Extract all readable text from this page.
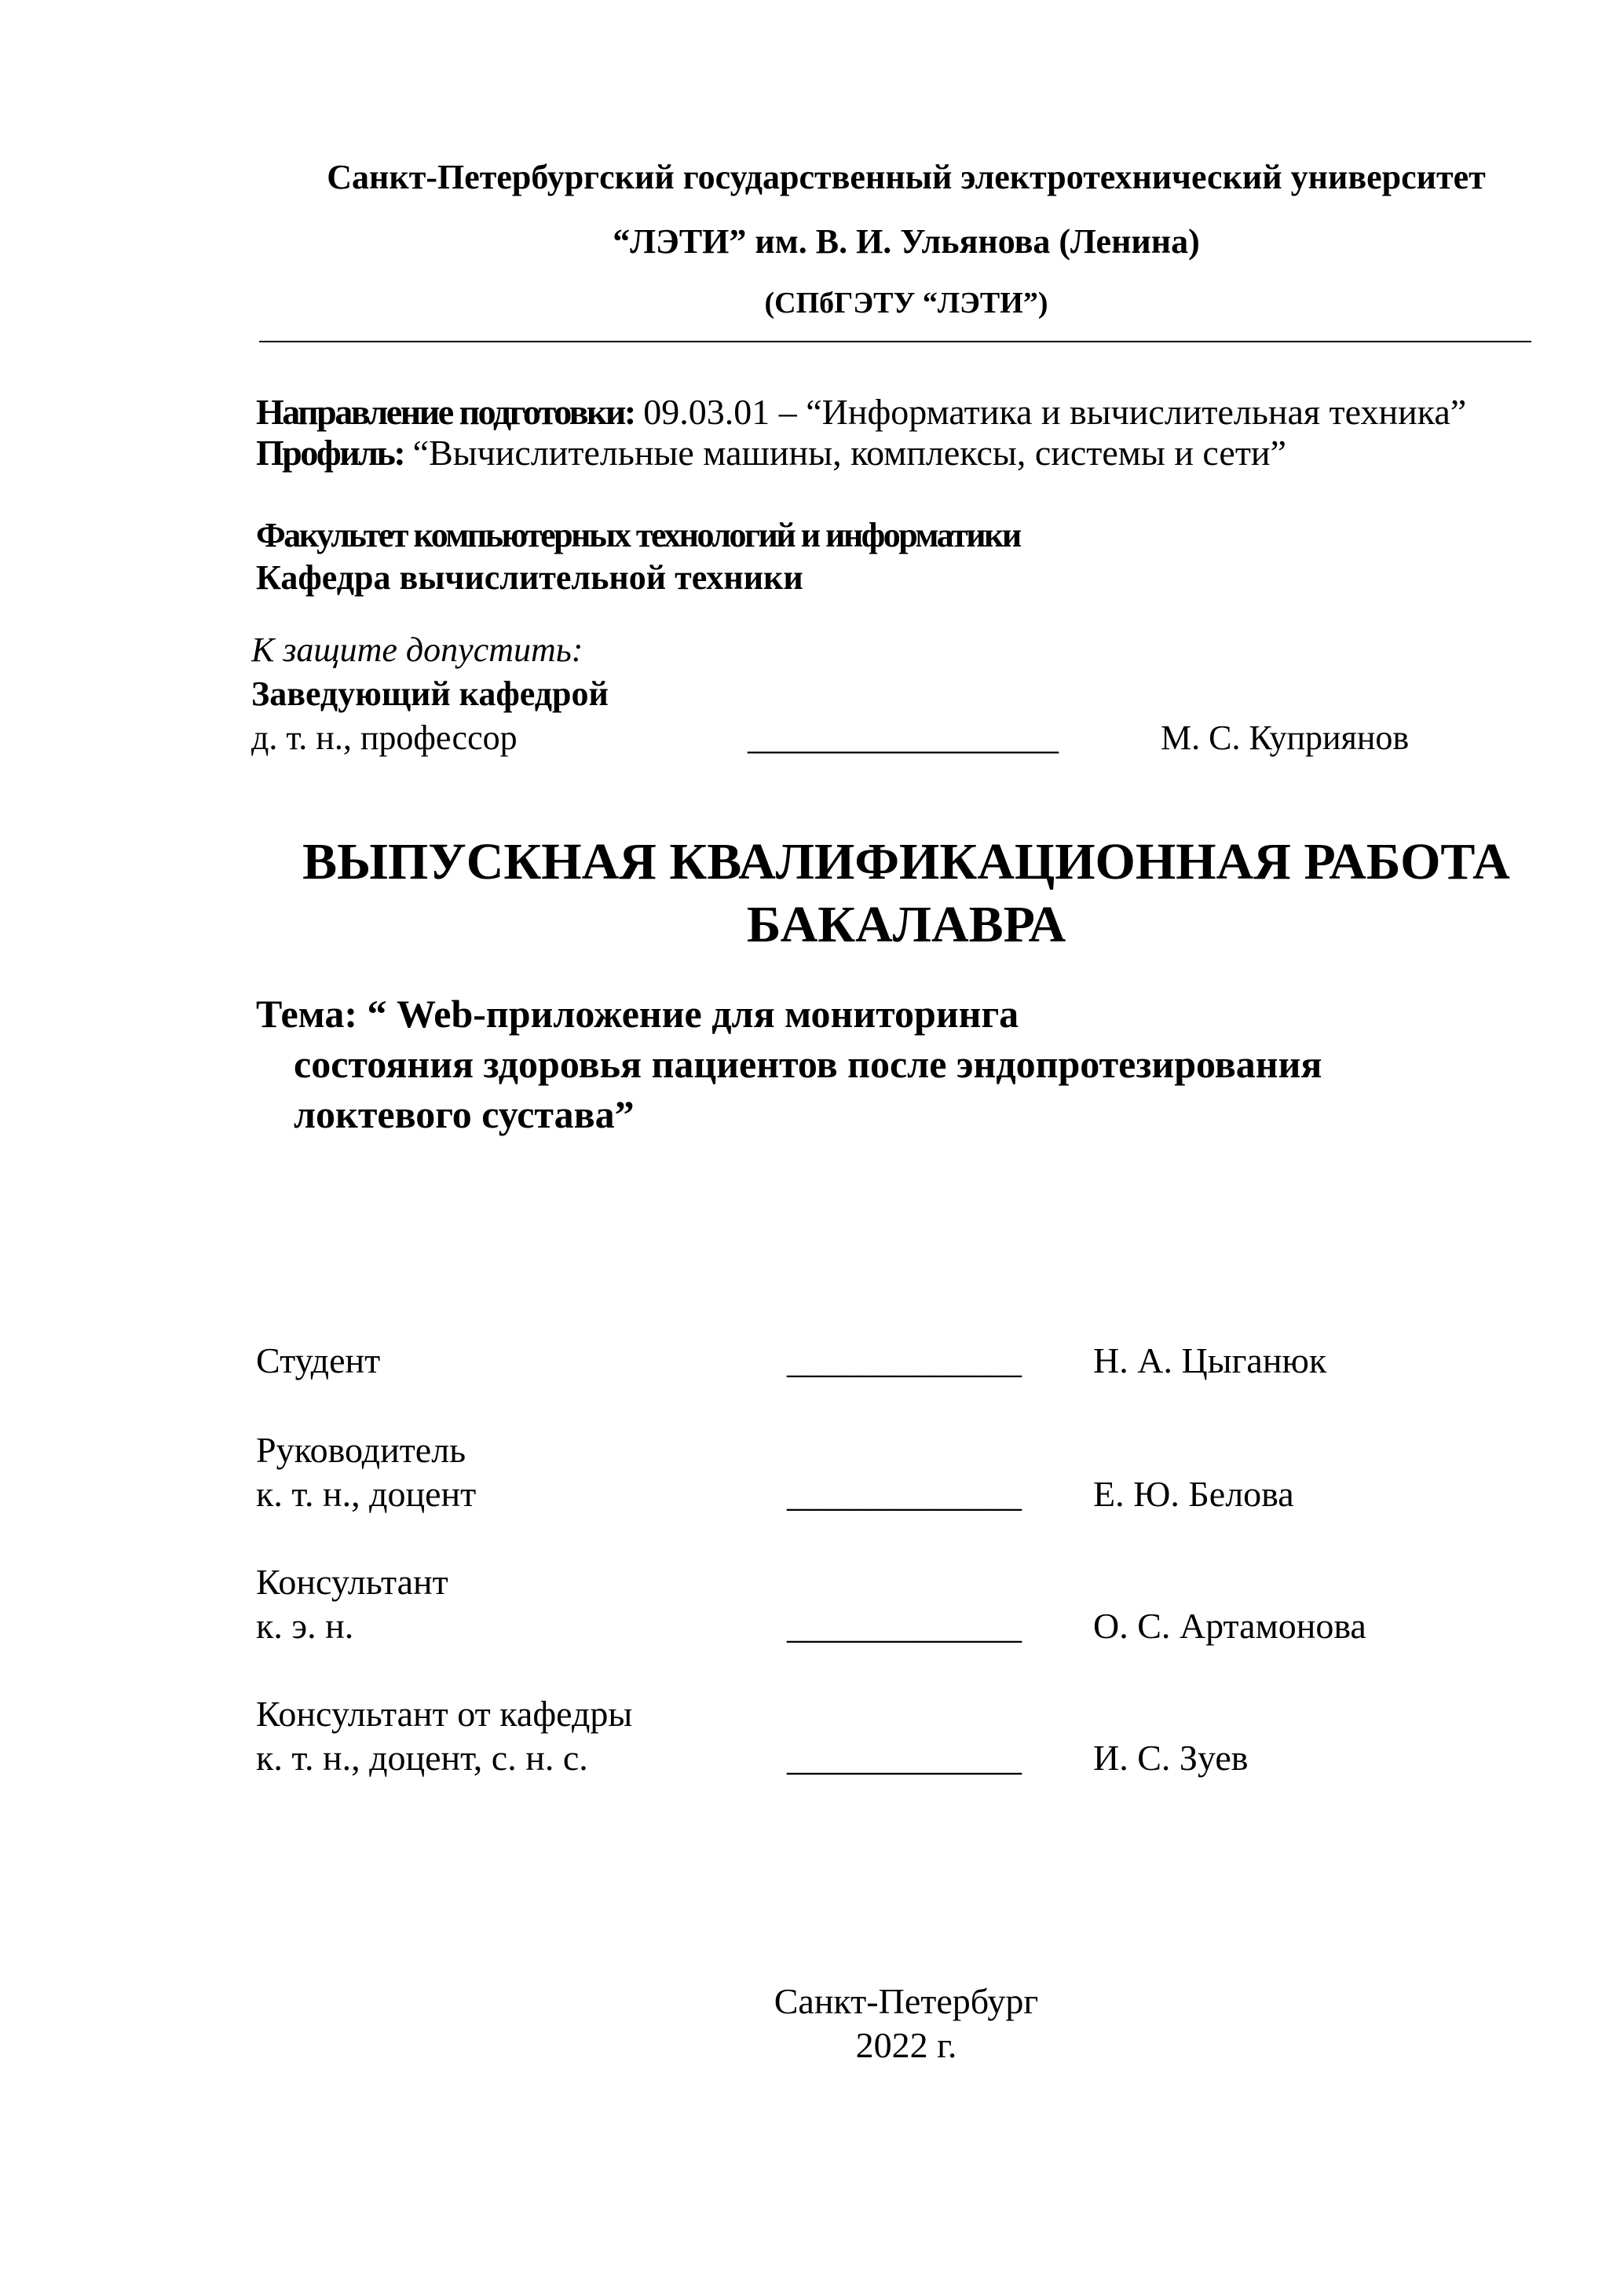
Санкт-Петербургский государственный электротехнический университет
“ЛЭТИ” им. В. И. Ульянова (Ленина)
(СПбГЭТУ “ЛЭТИ”)
Направление подготовки: 09.03.01 – “Информатика и вычислительная техника”
Профиль: “Вычислительные машины, комплексы, системы и сети”
Факультет компьютерных технологий и информатики
Кафедра вычислительной техники
К защите допустить:
Заведующий кафедрой
д. т. н., профессор	__________________	М. С. Куприянов
ВЫПУСКНАЯ КВАЛИФИКАЦИОННАЯ РАБОТА
БАКАЛАВРА
Тема: “ Web-приложение для мониторинга
состояния здоровья пациентов после эндопротезирования
локтевого сустава”
Студент	_____________ Н. А. Цыганюк
Руководитель
к. т. н., доцент	_____________ Е. Ю. Белова
Консультант
к. э. н.	_____________ О. С. Артамонова
Консультант от кафедры
к. т. н., доцент, с. н. с.	_____________ И. С. Зуев
Санкт-Петербург
2022 г.
